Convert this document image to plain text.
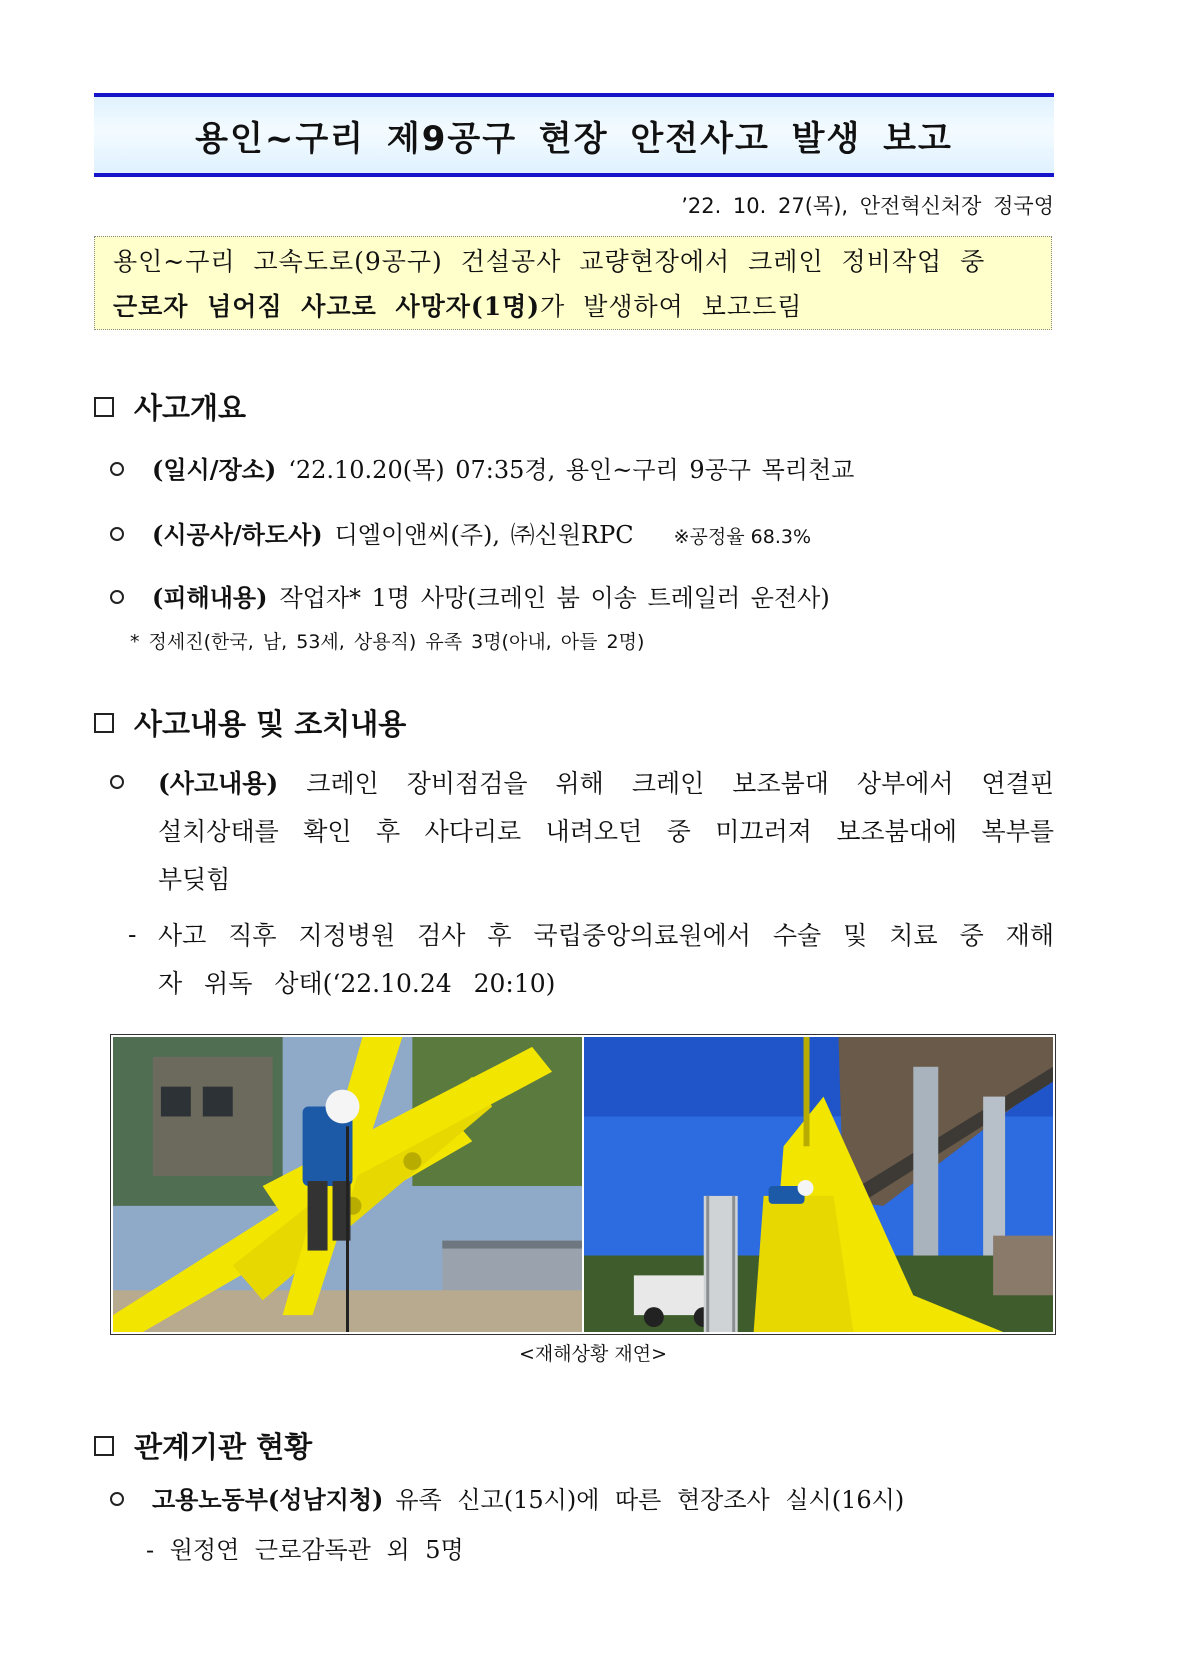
용인~구리 제9공구 현장 안전사고 발생 보고
’22. 10. 27(목), 안전혁신처장 정국영
용인~구리 고속도로(9공구) 건설공사 교량현장에서 크레인 정비작업 중
근로자 넘어짐 사고로 사망자(1명)가 발생하여 보고드림
사고개요
(일시/장소) ‘22.10.20(목) 07:35경, 용인~구리 9공구 목리천교
(시공사/하도사) 디엘이앤씨(주), ㈜신원RPC ※공정율 68.3%
(피해내용) 작업자* 1명 사망(크레인 붐 이송 트레일러 운전사)
* 정세진(한국, 남, 53세, 상용직) 유족 3명(아내, 아들 2명)
사고내용 및 조치내용
(사고내용) 크레인 장비점검을 위해 크레인 보조붐대 상부에서 연결핀 설치상태를 확인 후 사다리로 내려오던 중 미끄러져 보조붐대에 복부를 부딪힘
- 사고 직후 지정병원 검사 후 국립중앙의료원에서 수술 및 치료 중 재해자 위독 상태(‘22.10.24 20:10)
<재해상황 재연>
관계기관 현황
고용노동부(성남지청) 유족 신고(15시)에 따른 현장조사 실시(16시)
- 원정연 근로감독관 외 5명
